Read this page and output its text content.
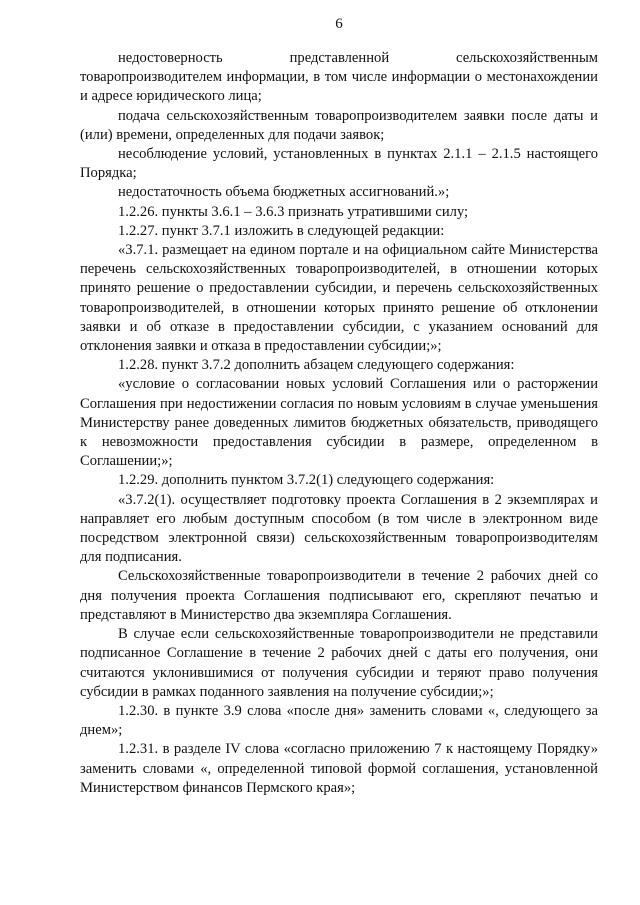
6

недостоверность представленной сельскохозяйственным товаропроизводителем информации, в том числе информации о местонахождении и адресе юридического лица;

подача сельскохозяйственным товаропроизводителем заявки после даты и (или) времени, определенных для подачи заявок;

несоблюдение условий, установленных в пунктах 2.1.1 – 2.1.5 настоящего Порядка;

недостаточность объема бюджетных ассигнований.»;

1.2.26. пункты 3.6.1 – 3.6.3 признать утратившими силу;

1.2.27. пункт 3.7.1 изложить в следующей редакции:

«3.7.1. размещает на едином портале и на официальном сайте Министерства перечень сельскохозяйственных товаропроизводителей, в отношении которых принято решение о предоставлении субсидии, и перечень сельскохозяйственных товаропроизводителей, в отношении которых принято решение об отклонении заявки и об отказе в предоставлении субсидии, с указанием оснований для отклонения заявки и отказа в предоставлении субсидии;»;

1.2.28. пункт 3.7.2 дополнить абзацем следующего содержания:

«условие о согласовании новых условий Соглашения или о расторжении Соглашения при недостижении согласия по новым условиям в случае уменьшения Министерству ранее доведенных лимитов бюджетных обязательств, приводящего к невозможности предоставления субсидии в размере, определенном в Соглашении;»;

1.2.29. дополнить пунктом 3.7.2(1) следующего содержания:

«3.7.2(1). осуществляет подготовку проекта Соглашения в 2 экземплярах и направляет его любым доступным способом (в том числе в электронном виде посредством электронной связи) сельскохозяйственным товаропроизводителям для подписания.

Сельскохозяйственные товаропроизводители в течение 2 рабочих дней со дня получения проекта Соглашения подписывают его, скрепляют печатью и представляют в Министерство два экземпляра Соглашения.

В случае если сельскохозяйственные товаропроизводители не представили подписанное Соглашение в течение 2 рабочих дней с даты его получения, они считаются уклонившимися от получения субсидии и теряют право получения субсидии в рамках поданного заявления на получение субсидии;»;

1.2.30. в пункте 3.9 слова «после дня» заменить словами «, следующего за днем»;

1.2.31. в разделе IV слова «согласно приложению 7 к настоящему Порядку» заменить словами «, определенной типовой формой соглашения, установленной Министерством финансов Пермского края»;
